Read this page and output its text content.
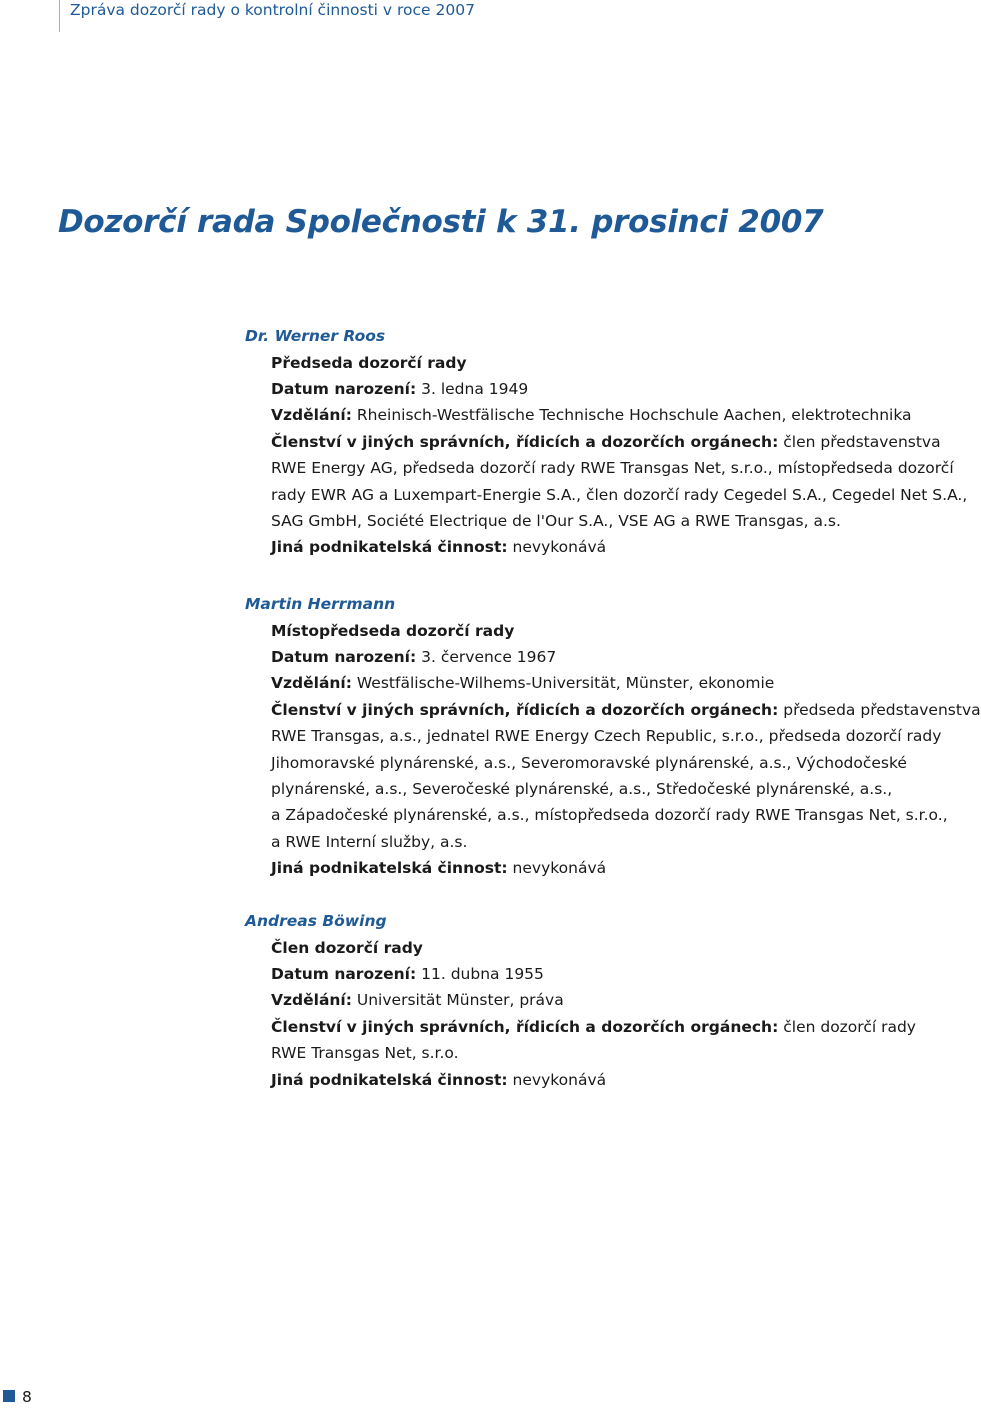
Zpráva dozorčí rady o kontrolní činnosti v roce 2007
Dozorčí rada Společnosti k 31. prosinci 2007
Dr. Werner Roos
Předseda dozorčí rady
Datum narození: 3. ledna 1949
Vzdělání: Rheinisch-Westfälische Technische Hochschule Aachen, elektrotechnika
Členství v jiných správních, řídicích a dozorčích orgánech: člen představenstva
RWE Energy AG, předseda dozorčí rady RWE Transgas Net, s.r.o., místopředseda dozorčí
rady EWR AG a Luxempart-Energie S.A., člen dozorčí rady Cegedel S.A., Cegedel Net S.A.,
SAG GmbH, Société Electrique de l'Our S.A., VSE AG a RWE Transgas, a.s.
Jiná podnikatelská činnost: nevykonává
Martin Herrmann
Místopředseda dozorčí rady
Datum narození: 3. července 1967
Vzdělání: Westfälische-Wilhems-Universität, Münster, ekonomie
Členství v jiných správních, řídicích a dozorčích orgánech: předseda představenstva
RWE Transgas, a.s., jednatel RWE Energy Czech Republic, s.r.o., předseda dozorčí rady
Jihomoravské plynárenské, a.s., Severomoravské plynárenské, a.s., Východočeské
plynárenské, a.s., Severočeské plynárenské, a.s., Středočeské plynárenské, a.s.,
a Západočeské plynárenské, a.s., místopředseda dozorčí rady RWE Transgas Net, s.r.o.,
a RWE Interní služby, a.s.
Jiná podnikatelská činnost: nevykonává
Andreas Böwing
Člen dozorčí rady
Datum narození: 11. dubna 1955
Vzdělání: Universität Münster, práva
Členství v jiných správních, řídicích a dozorčích orgánech: člen dozorčí rady
RWE Transgas Net, s.r.o.
Jiná podnikatelská činnost: nevykonává
8
